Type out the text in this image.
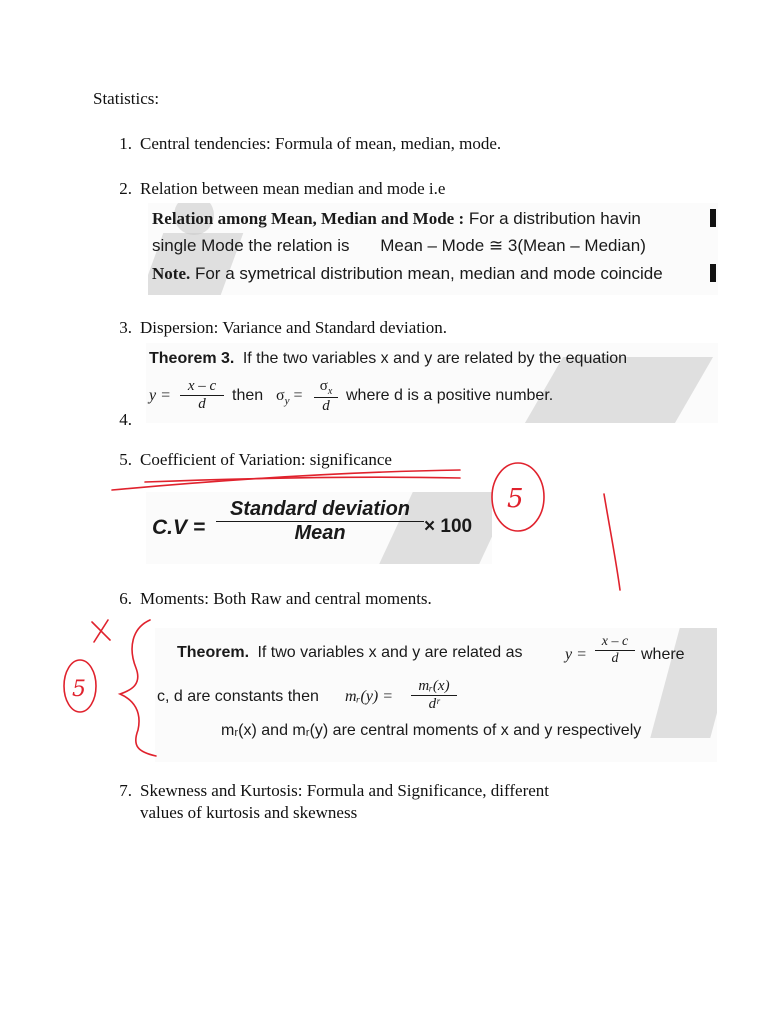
Statistics:
1. Central tendencies: Formula of mean, median, mode.
2. Relation between mean median and mode i.e
Relation among Mean, Median and Mode : For a distribution havin
single Mode the relation is Mean – Mode ≅ 3(Mean – Median)
Note. For a symetrical distribution mean, median and mode coincide
3. Dispersion: Variance and Standard deviation.
Theorem 3. If the two variables x and y are related by the equation
$y = \frac{x - c}{d}$ then $\sigma_y = \frac{\sigma_x}{d}$ where d is a positive number.
4.
5. Coefficient of Variation: significance
C.V =
Standard deviation
Mean	× 100
6. Moments: Both Raw and central moments.
Theorem. If two variables x and y are related as	$y = \frac{x - c}{d}$ where
c, d are constants then mᵣ(y) = $\frac{\text{mᵣ(x)}}{\text{dʳ}}$
mᵣ(x) and mᵣ(y) are central moments of x and y respectively
7. Skewness and Kurtosis: Formula and Significance, different
values of kurtosis and skewness
5
5
